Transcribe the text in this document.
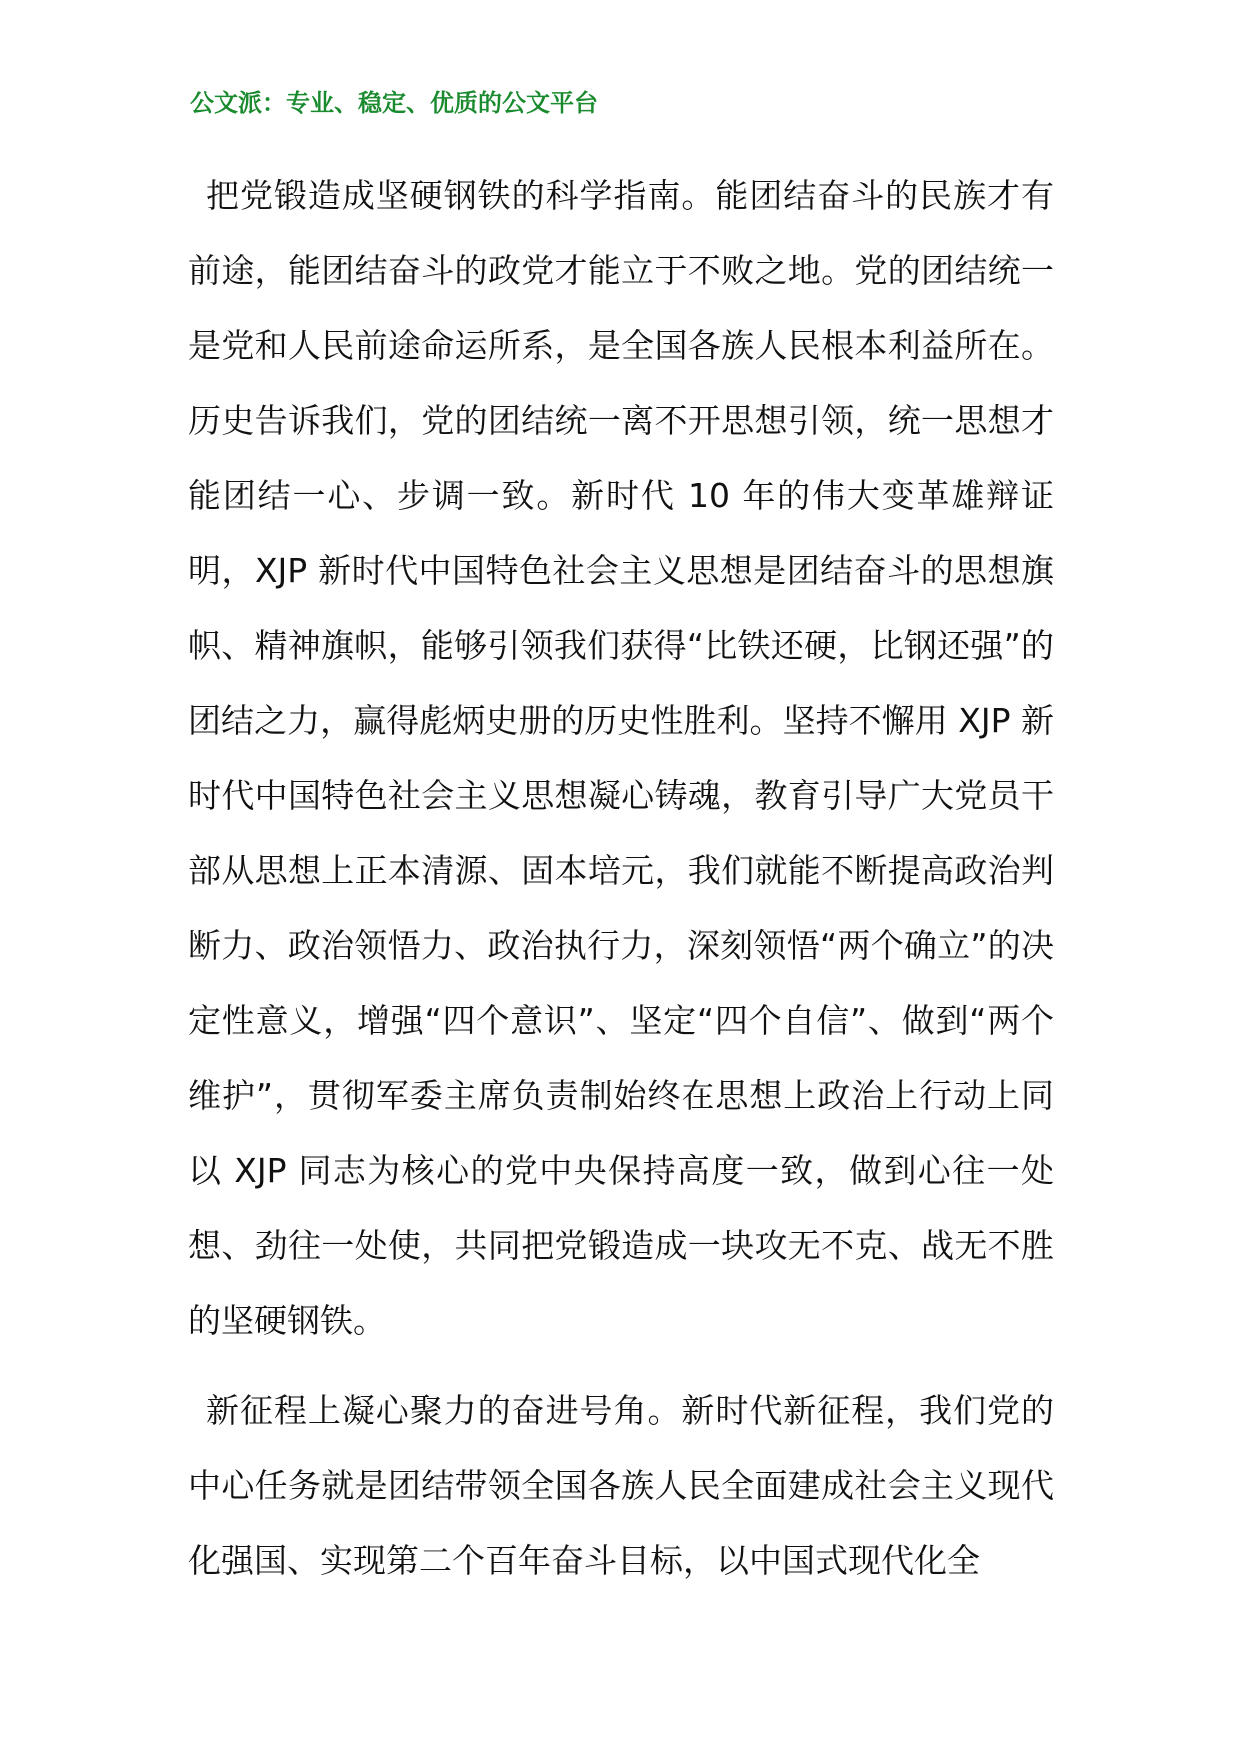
公文派：专业、稳定、优质的公文平台

把党锻造成坚硬钢铁的科学指南。能团结奋斗的民族才有前途，能团结奋斗的政党才能立于不败之地。党的团结统一是党和人民前途命运所系，是全国各族人民根本利益所在。历史告诉我们，党的团结统一离不开思想引领，统一思想才能团结一心、步调一致。新时代 10 年的伟大变革雄辩证明，XJP 新时代中国特色社会主义思想是团结奋斗的思想旗帜、精神旗帜，能够引领我们获得“比铁还硬，比钢还强”的团结之力，赢得彪炳史册的历史性胜利。坚持不懈用 XJP 新时代中国特色社会主义思想凝心铸魂，教育引导广大党员干部从思想上正本清源、固本培元，我们就能不断提高政治判断力、政治领悟力、政治执行力，深刻领悟“两个确立”的决定性意义，增强“四个意识”、坚定“四个自信”、做到“两个维护”，贯彻军委主席负责制始终在思想上政治上行动上同以 XJP 同志为核心的党中央保持高度一致，做到心往一处想、劲往一处使，共同把党锻造成一块攻无不克、战无不胜的坚硬钢铁。

新征程上凝心聚力的奋进号角。新时代新征程，我们党的中心任务就是团结带领全国各族人民全面建成社会主义现代化强国、实现第二个百年奋斗目标，以中国式现代化全
